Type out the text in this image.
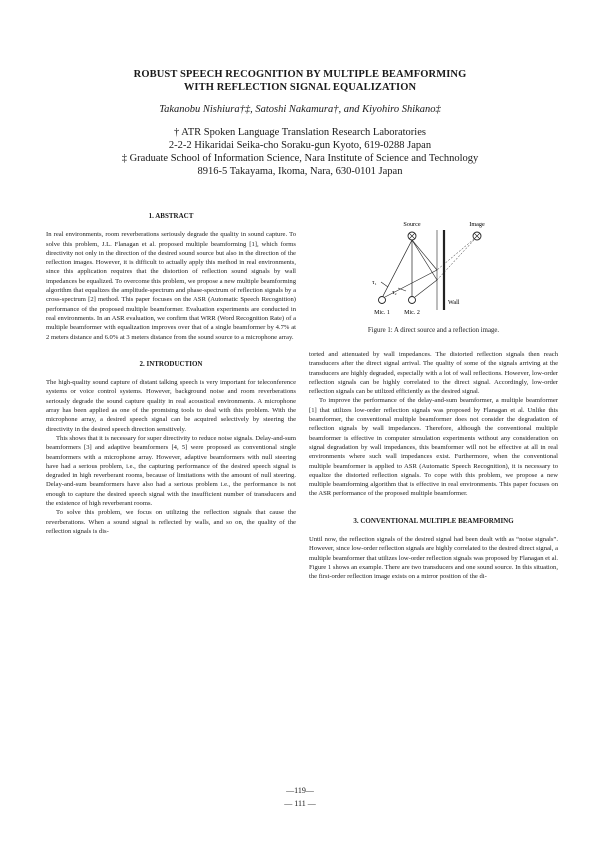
ROBUST SPEECH RECOGNITION BY MULTIPLE BEAMFORMING
WITH REFLECTION SIGNAL EQUALIZATION
Takanobu Nishiura†‡, Satoshi Nakamura†, and Kiyohiro Shikano‡
† ATR Spoken Language Translation Research Laboratories
2-2-2 Hikaridai Seika-cho Soraku-gun Kyoto, 619-0288 Japan
‡ Graduate School of Information Science, Nara Institute of Science and Technology
8916-5 Takayama, Ikoma, Nara, 630-0101 Japan
1. ABSTRACT

In real environments, room reverberations seriously degrade the quality in sound capture. To solve this problem, J.L. Flanagan et al. proposed multiple beamforming [1], which forms directivity not only in the direction of the desired sound source but also in the direction of the reflection images. However, it is difficult to actually apply this method in real environments, since this application requires that the distortion of reflection sound signals by wall impedances be equalized. To overcome this problem, we propose a new multiple beamforming algorithm that equalizes the amplitude-spectrum and phase-spectrum of reflection signals by a cross-spectrum [2] method. This paper focuses on the ASR (Automatic Speech Recognition) performance of the proposed multiple beamformer. Evaluation experiments are conducted in real environments. In an ASR evaluation, we confirm that WRR (Word Recognition Rate) of a multiple beamformer with equalization improves over that of a single beamformer by 4.7% at 2 meters distance and 6.0% at 3 meters distance from the sound source to a microphone array.

2. INTRODUCTION

The high-quality sound capture of distant talking speech is very important for teleconference systems or voice control systems. However, background noise and room reverberations seriously degrade the sound capture quality in real acoustical environments. A microphone array has been applied as one of the promising tools to deal with this problem. With the microphone array, a desired speech signal can be acquired selectively by steering the directivity in the desired speech direction sensitively.

This shows that it is necessary for super directivity to reduce noise signals. Delay-and-sum beamformers [3] and adaptive beamformers [4, 5] were proposed as conventional single beamformers with a microphone array. However, adaptive beamformers with null steering have had a serious problem, i.e., the capturing performance of the desired speech signal is degraded in high reverberant rooms, because of limitations with the amount of null steering. Delay-and-sum beamformers have also had a serious problem i.e., the performance is not enough to capture the desired speech signal with the insufficient number of transducers and the existence of high reverberant rooms.

To solve this problem, we focus on utilizing the reflection signals that cause the reverberations. When a sound signal is reflected by walls, and so on, the quality of the reflection signals is dis-

Source	Image
Wall
τ₁
τ₂
Mic. 1 Mic. 2
Figure 1: A direct source and a reflection image.

torted and attenuated by wall impedances. The distorted reflection signals then reach transducers after the direct signal arrival. The quality of some of the signals arriving at the transducers are highly degraded, especially with a lot of wall reflections. However, low-order reflection signals can be highly correlated to the direct signal. Accordingly, low-order reflection signals can be utilized efficiently as the desired signal.

To improve the performance of the delay-and-sum beamformer, a multiple beamformer [1] that utilizes low-order reflection signals was proposed by Flanagan et al. Unlike this beamformer, the conventional multiple beamformer does not consider the degradation of reflection signals by wall impedances. Therefore, although the conventional multiple beamformer is effective in computer simulation experiments without any consideration on signal degradation by wall impedances, this beamformer will not be effective at all in real environments where such wall impedances exist. Furthermore, when the conventional multiple beamformer is applied to ASR (Automatic Speech Recognition), it is necessary to equalize the distorted reflection signals. To cope with this problem, we propose a new multiple beamforming algorithm that is effective in real environments. This paper focuses on the ASR performance of the proposed multiple beamformer.

3. CONVENTIONAL MULTIPLE BEAMFORMING

Until now, the reflection signals of the desired signal had been dealt with as “noise signals”. However, since low-order reflection signals are highly correlated to the desired direct signal, a multiple beamformer that utilizes low-order reflection signals was proposed by Flanagan et al. Figure 1 shows an example. There are two transducers and one sound source. In this situation, the first-order reflection image exists on a mirror position of the di-

—119—
— 111 —
